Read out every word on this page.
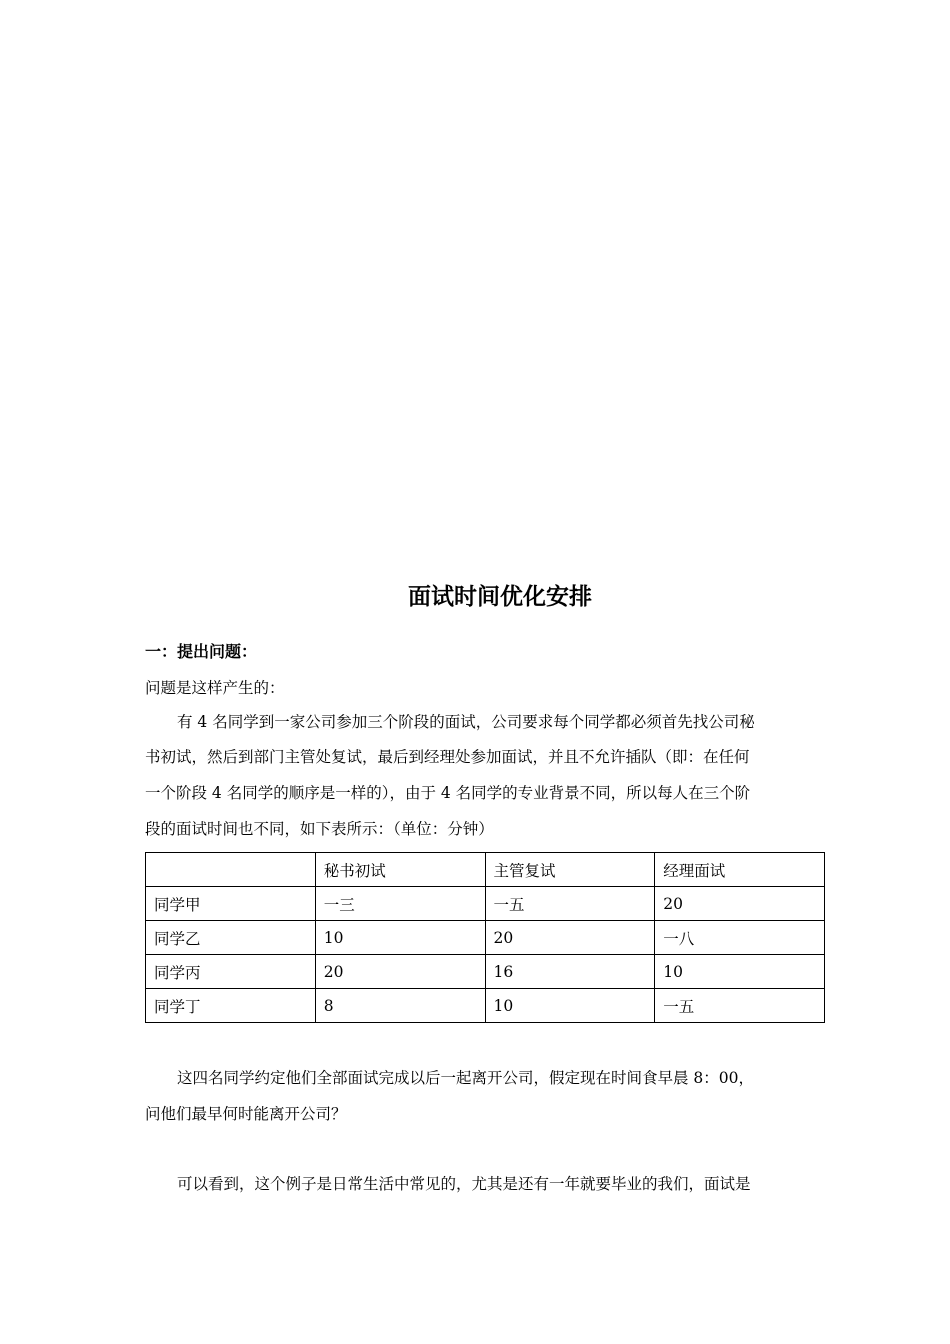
面试时间优化安排
一：提出问题：

问题是这样产生的：

有 4 名同学到一家公司参加三个阶段的面试，公司要求每个同学都必须首先找公司秘

书初试，然后到部门主管处复试，最后到经理处参加面试，并且不允许插队（即：在任何

一个阶段 4 名同学的顺序是一样的），由于 4 名同学的专业背景不同，所以每人在三个阶

段的面试时间也不同，如下表所示：（单位：分钟）

	秘书初试	主管复试	经理面试
同学甲	一三	一五	20
同学乙	10	20	一八
同学丙	20	16	10
同学丁	8	10	一五

这四名同学约定他们全部面试完成以后一起离开公司，假定现在时间食早晨 8：00，

问他们最早何时能离开公司？

可以看到，这个例子是日常生活中常见的，尤其是还有一年就要毕业的我们，面试是
